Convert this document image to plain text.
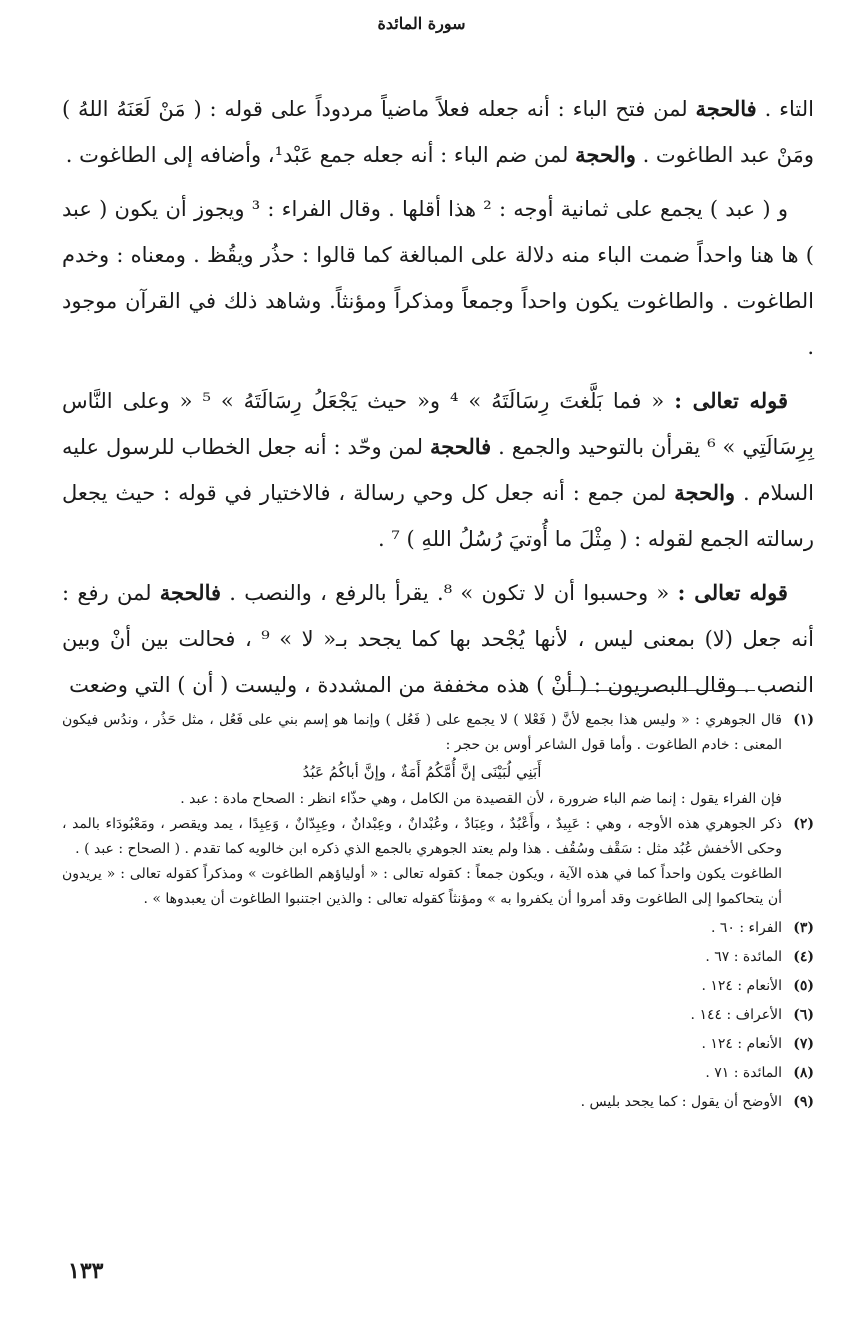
سورة المائدة

التاء . فالحجة لمن فتح الباء : أنه جعله فعلاً ماضياً مردوداً على قوله : ( مَنْ لَعَنَهُ اللهُ ) ومَنْ عبد الطاغوت . والحجة لمن ضم الباء : أنه جعله جمع عَبْد¹، وأضافه إلى الطاغوت .

و ( عبد ) يجمع على ثمانية أوجه : ² هذا أقلها . وقال الفراء : ³ ويجوز أن يكون ( عبد ) ها هنا واحداً ضمت الباء منه دلالة على المبالغة كما قالوا : حذُر ويقُظ . ومعناه : وخدم الطاغوت . والطاغوت يكون واحداً وجمعاً ومذكراً ومؤنثاً. وشاهد ذلك في القرآن موجود .

قوله تعالى : « فما بَلَّغتَ رِسَالَتَهُ » ⁴ و« حيث يَجْعَلُ رِسَالَتَهُ » ⁵ « وعلى النَّاس بِرِسَالَتِي » ⁶ يقرأن بالتوحيد والجمع . فالحجة لمن وحّد : أنه جعل الخطاب للرسول عليه السلام . والحجة لمن جمع : أنه جعل كل وحي رسالة ، فالاختيار في قوله : حيث يجعل رسالته الجمع لقوله : ( مِثْلَ ما أُوتيَ رُسُلُ اللهِ ) ⁷ .

قوله تعالى : « وحسبوا أن لا تكون » ⁸. يقرأ بالرفع ، والنصب . فالحجة لمن رفع : أنه جعل (لا) بمعنى ليس ، لأنها يُجْحد بها كما يجحد بـ« لا » ⁹ ، فحالت بين أنْ وبين النصب . وقال البصريون : ( أنْ ) هذه مخففة من المشددة ، وليست ( أن ) التي وضعت

(١)
قال الجوهري : « وليس هذا بجمع لأنَّ ( فَعْلا ) لا يجمع على ( فَعُل ) وإنما هو إسم بني على فَعُل ، مثل حَذُر ، وندُس فيكون المعنى : خادم الطاغوت . وأما قول الشاعر أوس بن حجر :
أَبَنِي لُبَيْنَى إنَّ أُمَّكُمُ أَمَةٌ ، وإنَّ أباكُمُ عَبُدُ
فإن الفراء يقول : إنما ضم الباء ضرورة ، لأن القصيدة من الكامل ، وهي حذّاء انظر : الصحاح مادة : عبد .
(٢)
ذكر الجوهري هذه الأوجه ، وهي : عَبِيدٌ ، وأَعْبُدٌ ، وعِبَادٌ ، وعُبْدانٌ ، وعِبْدانٌ ، وعِبِدّانٌ ، وَعِبِدًا ، يمد ويقصر ، ومَعْبُودَاء بالمد ، وحكى الأخفش عُبُد مثل : سَقْف وسُقُف . هذا ولم يعتد الجوهري بالجمع الذي ذكره ابن خالويه كما تقدم . ( الصحاح : عبد ) .
الطاغوت يكون واحداً كما في هذه الآية ، ويكون جمعاً : كقوله تعالى : « أولياؤهم الطاغوت » ومذكراً كقوله تعالى : « يريدون أن يتحاكموا إلى الطاغوت وقد أمروا أن يكفروا به » ومؤنثاً كقوله تعالى : والذين اجتنبوا الطاغوت أن يعبدوها » .
(٣)
الفراء : ٦٠ .
(٤)
المائدة : ٦٧ .
(٥)
الأنعام : ١٢٤ .
(٦)
الأعراف : ١٤٤ .
(٧)
الأنعام : ١٢٤ .
(٨)
المائدة : ٧١ .
(٩)
الأوضح أن يقول : كما يجحد بليس .
١٣٣
